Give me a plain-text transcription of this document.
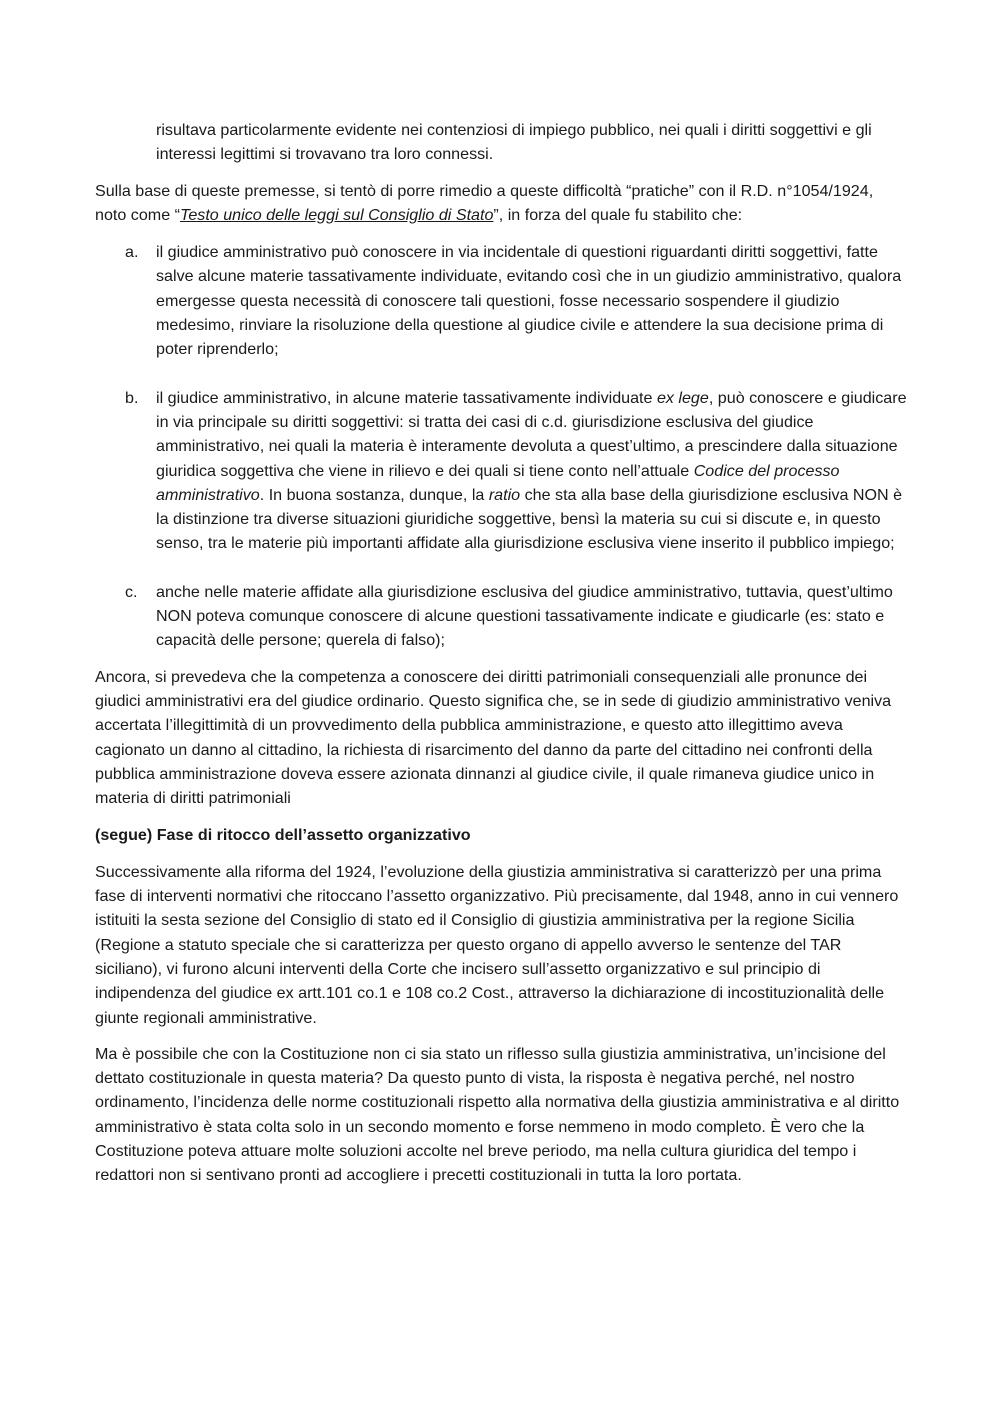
risultava particolarmente evidente nei contenziosi di impiego pubblico, nei quali i diritti soggettivi e gli interessi legittimi si trovavano tra loro connessi.

Sulla base di queste premesse, si tentò di porre rimedio a queste difficoltà “pratiche” con il R.D. n°1054/1924, noto come “Testo unico delle leggi sul Consiglio di Stato”, in forza del quale fu stabilito che:

a. il giudice amministrativo può conoscere in via incidentale di questioni riguardanti diritti soggettivi, fatte salve alcune materie tassativamente individuate, evitando così che in un giudizio amministrativo, qualora emergesse questa necessità di conoscere tali questioni, fosse necessario sospendere il giudizio medesimo, rinviare la risoluzione della questione al giudice civile e attendere la sua decisione prima di poter riprenderlo;
b. il giudice amministrativo, in alcune materie tassativamente individuate ex lege, può conoscere e giudicare in via principale su diritti soggettivi: si tratta dei casi di c.d. giurisdizione esclusiva del giudice amministrativo, nei quali la materia è interamente devoluta a quest’ultimo, a prescindere dalla situazione giuridica soggettiva che viene in rilievo e dei quali si tiene conto nell’attuale Codice del processo amministrativo. In buona sostanza, dunque, la ratio che sta alla base della giurisdizione esclusiva NON è la distinzione tra diverse situazioni giuridiche soggettive, bensì la materia su cui si discute e, in questo senso, tra le materie più importanti affidate alla giurisdizione esclusiva viene inserito il pubblico impiego;
c. anche nelle materie affidate alla giurisdizione esclusiva del giudice amministrativo, tuttavia, quest’ultimo NON poteva comunque conoscere di alcune questioni tassativamente indicate e giudicarle (es: stato e capacità delle persone; querela di falso);

Ancora, si prevedeva che la competenza a conoscere dei diritti patrimoniali consequenziali alle pronunce dei giudici amministrativi era del giudice ordinario. Questo significa che, se in sede di giudizio amministrativo veniva accertata l’illegittimità di un provvedimento della pubblica amministrazione, e questo atto illegittimo aveva cagionato un danno al cittadino, la richiesta di risarcimento del danno da parte del cittadino nei confronti della pubblica amministrazione doveva essere azionata dinnanzi al giudice civile, il quale rimaneva giudice unico in materia di diritti patrimoniali

(segue) Fase di ritocco dell’assetto organizzativo

Successivamente alla riforma del 1924, l’evoluzione della giustizia amministrativa si caratterizzò per una prima fase di interventi normativi che ritoccano l’assetto organizzativo. Più precisamente, dal 1948, anno in cui vennero istituiti la sesta sezione del Consiglio di stato ed il Consiglio di giustizia amministrativa per la regione Sicilia (Regione a statuto speciale che si caratterizza per questo organo di appello avverso le sentenze del TAR siciliano), vi furono alcuni interventi della Corte che incisero sull’assetto organizzativo e sul principio di indipendenza del giudice ex artt.101 co.1 e 108 co.2 Cost., attraverso la dichiarazione di incostituzionalità delle giunte regionali amministrative.

Ma è possibile che con la Costituzione non ci sia stato un riflesso sulla giustizia amministrativa, un’incisione del dettato costituzionale in questa materia? Da questo punto di vista, la risposta è negativa perché, nel nostro ordinamento, l’incidenza delle norme costituzionali rispetto alla normativa della giustizia amministrativa e al diritto amministrativo è stata colta solo in un secondo momento e forse nemmeno in modo completo. È vero che la Costituzione poteva attuare molte soluzioni accolte nel breve periodo, ma nella cultura giuridica del tempo i redattori non si sentivano pronti ad accogliere i precetti costituzionali in tutta la loro portata.
